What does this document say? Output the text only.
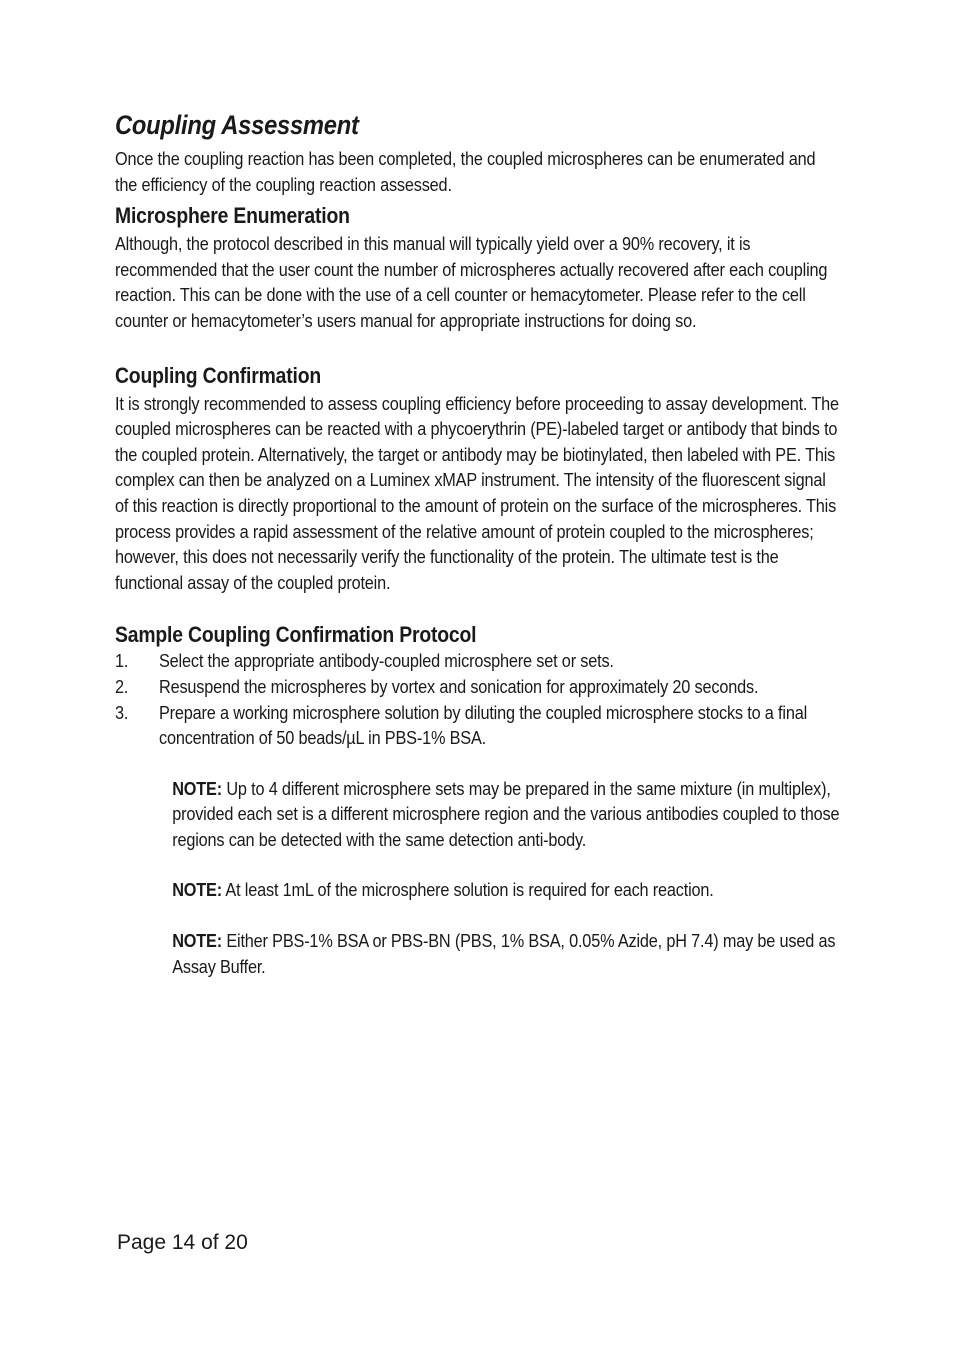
Coupling Assessment

Once the coupling reaction has been completed, the coupled microspheres can be enumerated and the efficiency of the coupling reaction assessed.

Microsphere Enumeration

Although, the protocol described in this manual will typically yield over a 90% recovery, it is recommended that the user count the number of microspheres actually recovered after each coupling reaction. This can be done with the use of a cell counter or hemacytometer. Please refer to the cell counter or hemacytometer’s users manual for appropriate instructions for doing so.

Coupling Confirmation

It is strongly recommended to assess coupling efficiency before proceeding to assay development. The coupled microspheres can be reacted with a phycoerythrin (PE)-labeled target or antibody that binds to the coupled protein. Alternatively, the target or antibody may be biotinylated, then labeled with PE. This complex can then be analyzed on a Luminex xMAP instrument. The intensity of the fluorescent signal of this reaction is directly proportional to the amount of protein on the surface of the microspheres. This process provides a rapid assessment of the relative amount of protein coupled to the microspheres; however, this does not necessarily verify the functionality of the protein. The ultimate test is the functional assay of the coupled protein.

Sample Coupling Confirmation Protocol
1. Select the appropriate antibody-coupled microsphere set or sets.
2. Resuspend the microspheres by vortex and sonication for approximately 20 seconds.
3. Prepare a working microsphere solution by diluting the coupled microsphere stocks to a final concentration of 50 beads/µL in PBS-1% BSA.

NOTE: Up to 4 different microsphere sets may be prepared in the same mixture (in multiplex), provided each set is a different microsphere region and the various antibodies coupled to those regions can be detected with the same detection anti-body.

NOTE: At least 1mL of the microsphere solution is required for each reaction.

NOTE: Either PBS-1% BSA or PBS-BN (PBS, 1% BSA, 0.05% Azide, pH 7.4) may be used as Assay Buffer.

Page 14 of 20
